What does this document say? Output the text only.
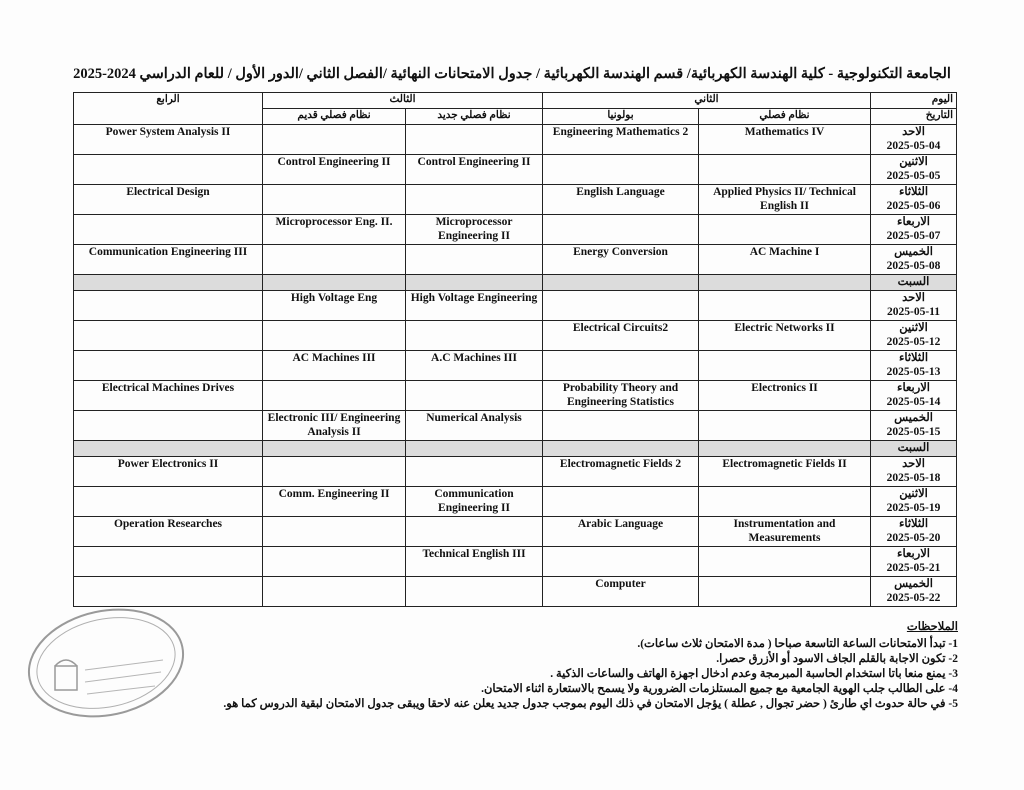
الجامعة التكنولوجية - كلية الهندسة الكهربائية/ قسم الهندسة الكهربائية / جدول الامتحانات النهائية /الفصل الثاني /الدور الأول / للعام الدراسي 2024-2025
الرابع	الثالث		الثاني		اليوم
	نظام فصلي قديم	نظام فصلي جديد	بولونيا	نظام فصلي	التاريخ
Power System Analysis II			Engineering Mathematics 2	Mathematics IV	الاحد
2025-05-04

	Control Engineering II	Control Engineering II			الاثنين
2025-05-05

Electrical Design			English Language	Applied Physics II/ Technical English II	الثلاثاء
2025-05-06

	Microprocessor Eng. II.	Microprocessor Engineering II			الاربعاء
2025-05-07

Communication Engineering III			Energy Conversion	AC Machine I	الخميس
2025-05-08

					السبت
	High Voltage Eng	High Voltage Engineering			الاحد
2025-05-11

			Electrical Circuits2	Electric Networks II	الاثنين
2025-05-12

	AC Machines III	A.C Machines III			الثلاثاء
2025-05-13

Electrical Machines Drives			Probability Theory and Engineering Statistics	Electronics II	الاربعاء
2025-05-14

	Electronic III/ Engineering Analysis II	Numerical Analysis			الخميس
2025-05-15

					السبت
Power Electronics II			Electromagnetic Fields 2	Electromagnetic Fields II	الاحد
2025-05-18

	Comm. Engineering II	Communication Engineering II			الاثنين
2025-05-19

Operation Researches			Arabic Language	Instrumentation and Measurements	الثلاثاء
2025-05-20

		Technical English III			الاربعاء
2025-05-21

			Computer		الخميس
2025-05-22
الملاحظات
1- تبدأ الامتحانات الساعة التاسعة صباحا ( مدة الامتحان ثلاث ساعات).
2- تكون الاجابة بالقلم الجاف الاسود أو الأزرق حصرا.
3- يمنع منعا باتا استخدام الحاسبة المبرمجة وعدم ادخال اجهزة الهاتف والساعات الذكية .
4- على الطالب جلب الهوية الجامعية مع جميع المستلزمات الضرورية ولا يسمح بالاستعارة اثناء الامتحان.
5- في حالة حدوث اي طارئ ( حضر تجوال , عطلة ) يؤجل الامتحان في ذلك اليوم بموجب جدول جديد يعلن عنه لاحقا ويبقى جدول الامتحان لبقية الدروس كما هو.
